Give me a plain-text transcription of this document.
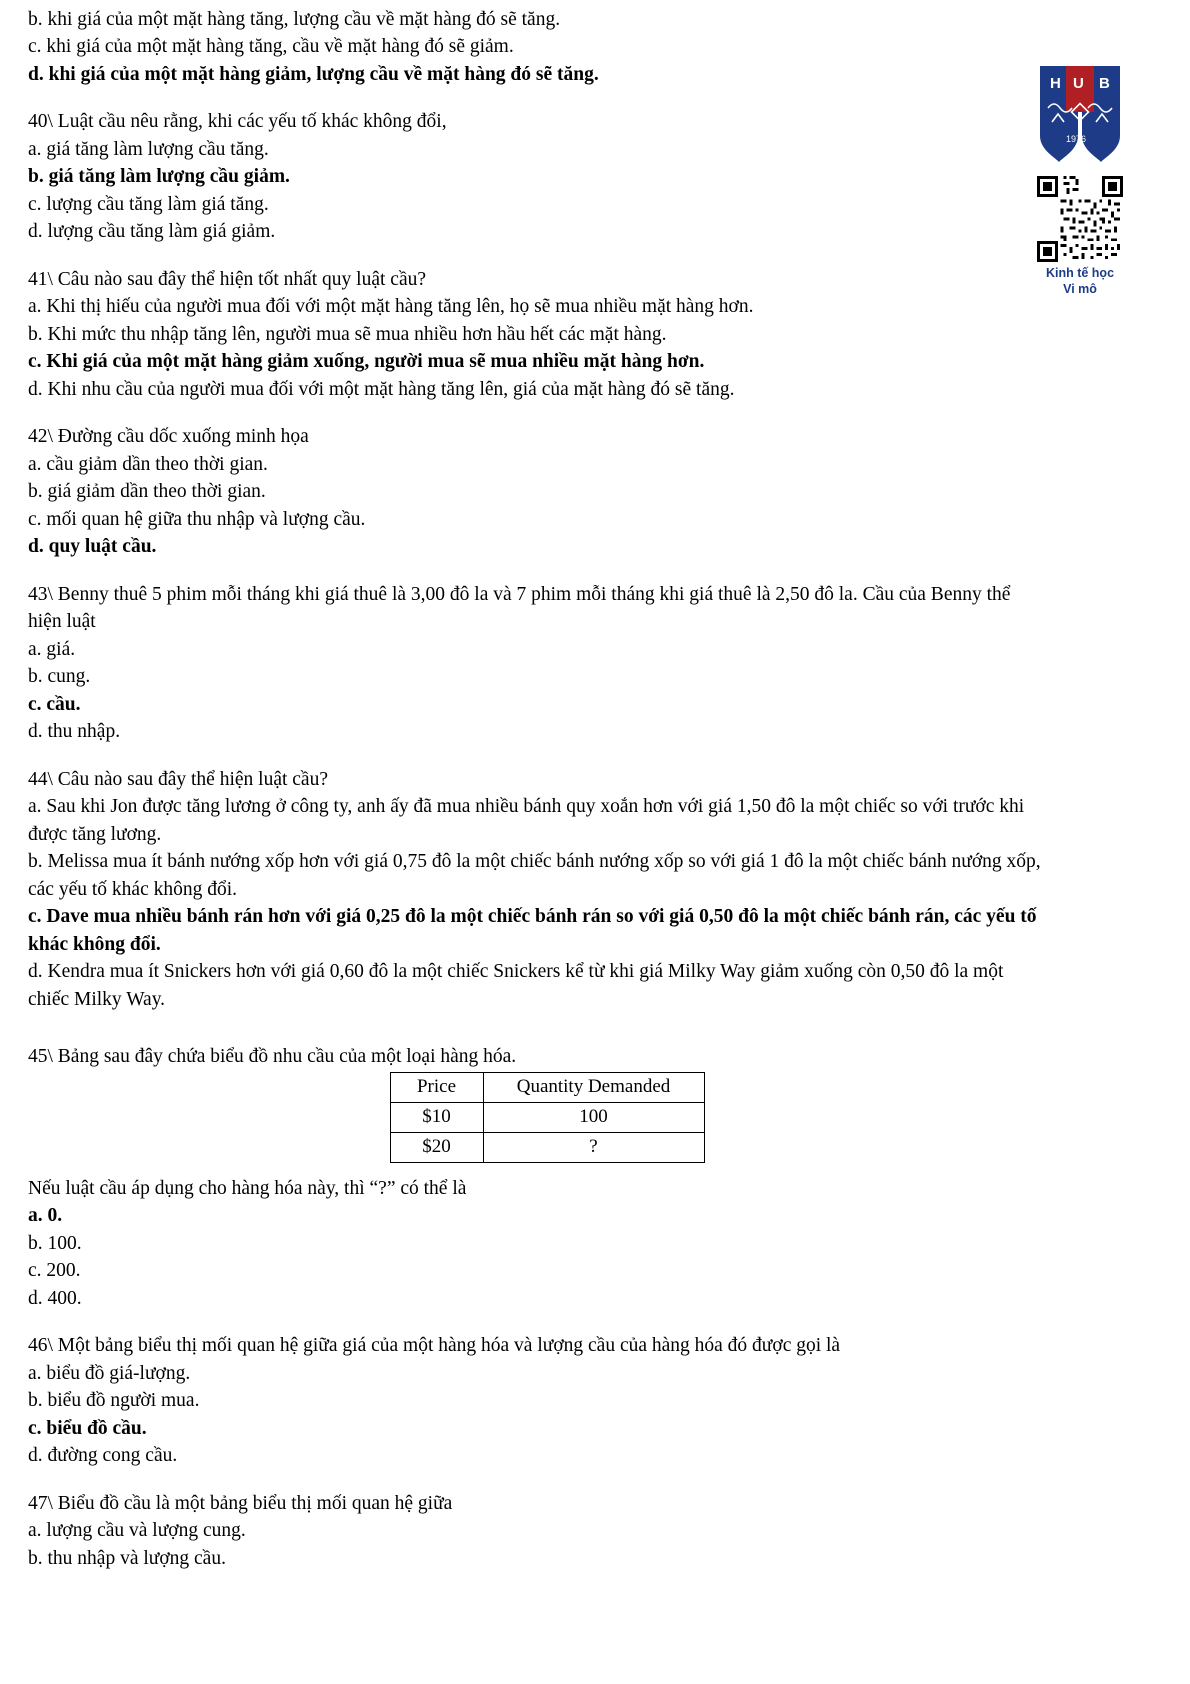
H U B
1976
Kinh tế học
Vi mô
b. khi giá của một mặt hàng tăng, lượng cầu về mặt hàng đó sẽ tăng.
c. khi giá của một mặt hàng tăng, cầu về mặt hàng đó sẽ giảm.
d. khi giá của một mặt hàng giảm, lượng cầu về mặt hàng đó sẽ tăng.
40\ Luật cầu nêu rằng, khi các yếu tố khác không đổi,
a. giá tăng làm lượng cầu tăng.
b. giá tăng làm lượng cầu giảm.
c. lượng cầu tăng làm giá tăng.
d. lượng cầu tăng làm giá giảm.
41\ Câu nào sau đây thể hiện tốt nhất quy luật cầu?
a. Khi thị hiếu của người mua đối với một mặt hàng tăng lên, họ sẽ mua nhiều mặt hàng hơn.
b. Khi mức thu nhập tăng lên, người mua sẽ mua nhiều hơn hầu hết các mặt hàng.
c. Khi giá của một mặt hàng giảm xuống, người mua sẽ mua nhiều mặt hàng hơn.
d. Khi nhu cầu của người mua đối với một mặt hàng tăng lên, giá của mặt hàng đó sẽ tăng.
42\ Đường cầu dốc xuống minh họa
a. cầu giảm dần theo thời gian.
b. giá giảm dần theo thời gian.
c. mối quan hệ giữa thu nhập và lượng cầu.
d. quy luật cầu.
43\ Benny thuê 5 phim mỗi tháng khi giá thuê là 3,00 đô la và 7 phim mỗi tháng khi giá thuê là 2,50 đô la. Cầu của Benny thể hiện luật
a. giá.
b. cung.
c. cầu.
d. thu nhập.
44\ Câu nào sau đây thể hiện luật cầu?
a. Sau khi Jon được tăng lương ở công ty, anh ấy đã mua nhiều bánh quy xoắn hơn với giá 1,50 đô la một chiếc so với trước khi được tăng lương.
b. Melissa mua ít bánh nướng xốp hơn với giá 0,75 đô la một chiếc bánh nướng xốp so với giá 1 đô la một chiếc bánh nướng xốp, các yếu tố khác không đổi.
c. Dave mua nhiều bánh rán hơn với giá 0,25 đô la một chiếc bánh rán so với giá 0,50 đô la một chiếc bánh rán, các yếu tố khác không đổi.
d. Kendra mua ít Snickers hơn với giá 0,60 đô la một chiếc Snickers kể từ khi giá Milky Way giảm xuống còn 0,50 đô la một chiếc Milky Way.
45\ Bảng sau đây chứa biểu đồ nhu cầu của một loại hàng hóa.
Price	Quantity Demanded
$10	100
$20	?
Nếu luật cầu áp dụng cho hàng hóa này, thì “?” có thể là
a. 0.
b. 100.
c. 200.
d. 400.
46\ Một bảng biểu thị mối quan hệ giữa giá của một hàng hóa và lượng cầu của hàng hóa đó được gọi là
a. biểu đồ giá-lượng.
b. biểu đồ người mua.
c. biểu đồ cầu.
d. đường cong cầu.
47\ Biểu đồ cầu là một bảng biểu thị mối quan hệ giữa
a. lượng cầu và lượng cung.
b. thu nhập và lượng cầu.
